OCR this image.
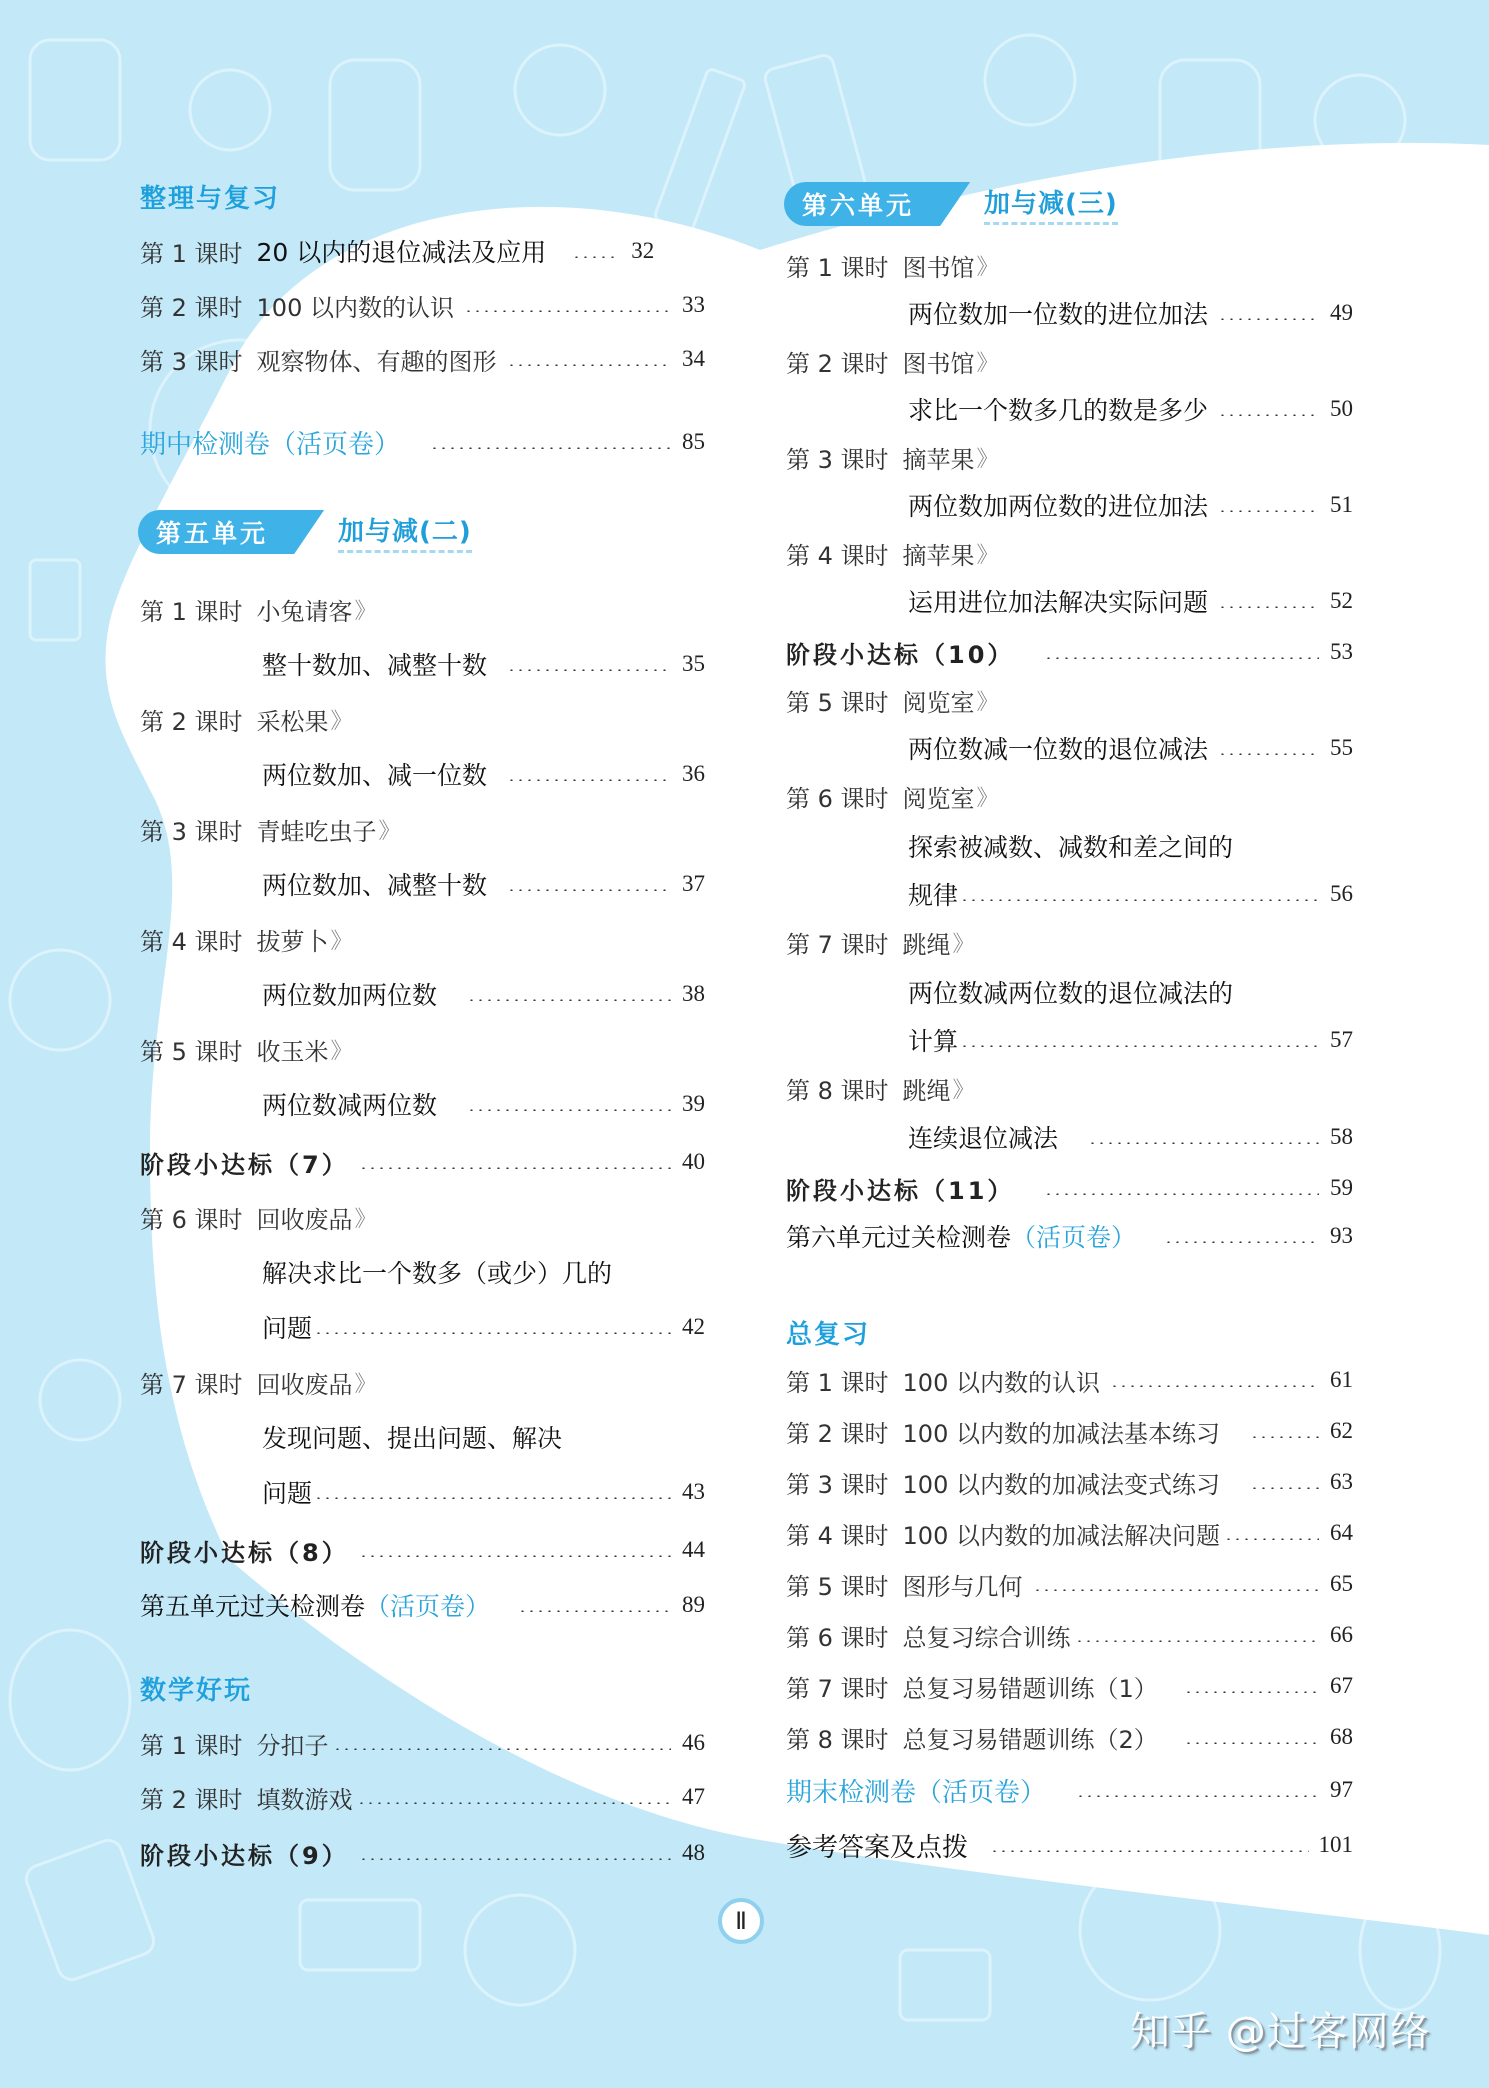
整理与复习
第 1 课时 20 以内的退位减法及应用	32
第 2 课时 100 以内数的认识	33
第 3 课时 观察物体、有趣的图形	34
期中检测卷（活页卷）	85
第五单元	加与减(二)
第 1 课时 小兔请客 》
整十数加、减整十数	35
第 2 课时 采松果 》
两位数加、减一位数	36
第 3 课时 青蛙吃虫子 》
两位数加、减整十数	37
第 4 课时 拔萝卜 》
两位数加两位数	38
第 5 课时 收玉米 》
两位数减两位数	39
阶段小达标（7）	40
第 6 课时 回收废品 》
解决求比一个数多（或少）几的
问题	42
第 7 课时 回收废品 》
发现问题、提出问题、解决
问题	43
阶段小达标（8）	44
第五单元过关检测卷 （活页卷）	89
数学好玩
第 1 课时 分扣子	46
第 2 课时 填数游戏	47
阶段小达标（9）	48
第六单元	加与减(三)
第 1 课时 图书馆 》
两位数加一位数的进位加法	49
第 2 课时 图书馆 》
求比一个数多几的数是多少	50
第 3 课时 摘苹果 》
两位数加两位数的进位加法	51
第 4 课时 摘苹果 》
运用进位加法解决实际问题	52
阶段小达标（10）	53
第 5 课时 阅览室 》
两位数减一位数的退位减法	55
第 6 课时 阅览室 》
探索被减数、减数和差之间的
规律	56
第 7 课时 跳绳 》
两位数减两位数的退位减法的
计算	57
第 8 课时 跳绳 》
连续退位减法	58
阶段小达标（11）	59
第六单元过关检测卷 （活页卷）	93
总复习
第 1 课时 100 以内数的认识	61
第 2 课时 100 以内数的加减法基本练习	62
第 3 课时 100 以内数的加减法变式练习	63
第 4 课时 100 以内数的加减法解决问题	64
第 5 课时 图形与几何	65
第 6 课时 总复习综合训练	66
第 7 课时 总复习易错题训练（1）	67
第 8 课时 总复习易错题训练（2）	68
期末检测卷（活页卷）	97
参考答案及点拨	101
Ⅱ
知乎 @过客网络
